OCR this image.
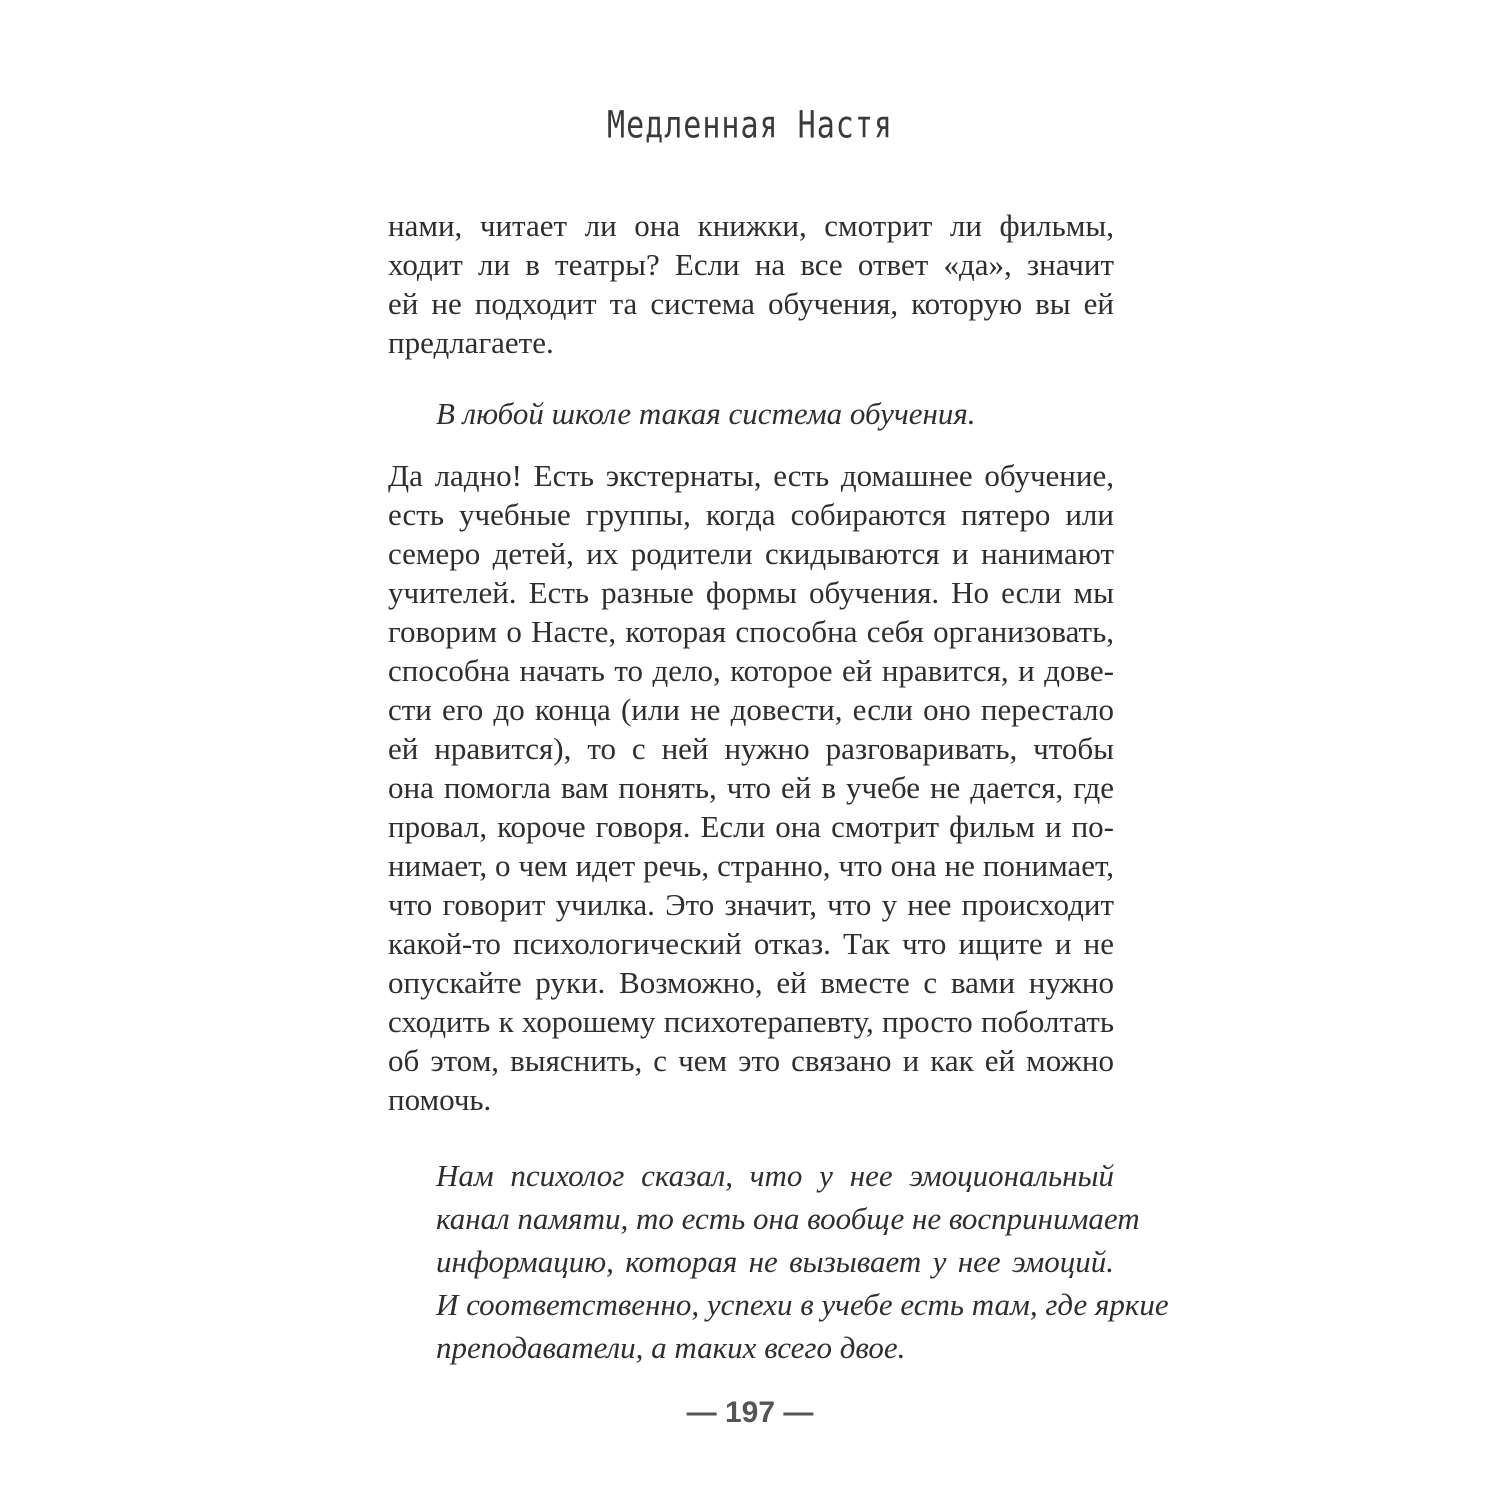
Медленная Настя
нами, читает ли она книжки, смотрит ли фильмы,
ходит ли в театры? Если на все ответ «да», значит
ей не подходит та система обучения, которую вы ей
предлагаете.
В любой школе такая система обучения.
Да ладно! Есть экстернаты, есть домашнее обучение,
есть учебные группы, когда собираются пятеро или
семеро детей, их родители скидываются и нанимают
учителей. Есть разные формы обучения. Но если мы
говорим о Насте, которая способна себя организовать,
способна начать то дело, которое ей нравится, и дове-
сти его до конца (или не довести, если оно перестало
ей нравится), то с ней нужно разговаривать, чтобы
она помогла вам понять, что ей в учебе не дается, где
провал, короче говоря. Если она смотрит фильм и по-
нимает, о чем идет речь, странно, что она не понимает,
что говорит училка. Это значит, что у нее происходит
какой-то психологический отказ. Так что ищите и не
опускайте руки. Возможно, ей вместе с вами нужно
сходить к хорошему психотерапевту, просто поболтать
об этом, выяснить, с чем это связано и как ей можно
помочь.
Нам психолог сказал, что у нее эмоциональный
канал памяти, то есть она вообще не воспринимает
информацию, которая не вызывает у нее эмоций.
И соответственно, успехи в учебе есть там, где яркие
преподаватели, а таких всего двое.
— 197 —
